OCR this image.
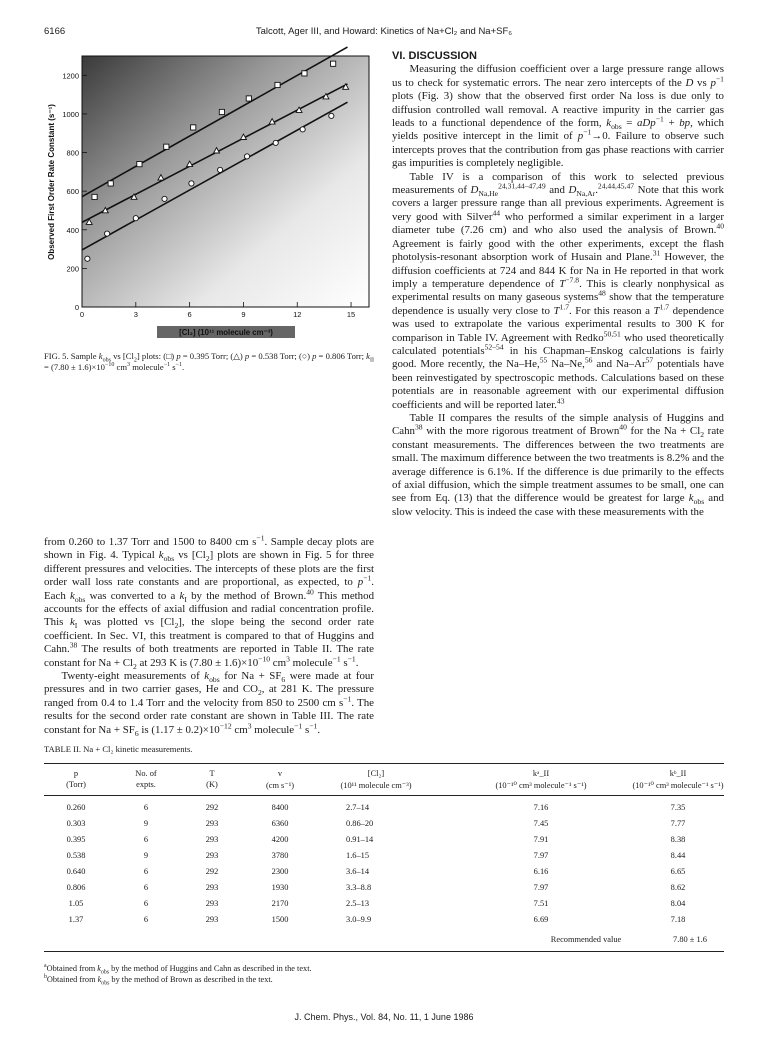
6166	Talcott, Ager III, and Howard: Kinetics of Na+Cl₂ and Na+SF₆
0
200
400
600
800
1000
1200
0	3	6	9	12	15
Observed First Order Rate Constant (s⁻¹)
[Cl₂] (10¹¹ molecule cm⁻³)
FIG. 5. Sample $k_{obs}$ vs $[Cl_2]$ plots: (□) p = 0.395 Torr; (△) p = 0.538 Torr; (○) p = 0.806 Torr; $k_{II} = (7.80 \pm 1.6)\times 10^{-10}$ $cm^3$ molecule$^{-1}$ $s^{-1}$.

from 0.260 to 1.37 Torr and 1500 to 8400 cm $s^{-1}$. Sample decay plots are shown in Fig. 4. Typical $k_{obs}$ vs $[Cl_2]$ plots are shown in Fig. 5 for three different pressures and velocities. The intercepts of these plots are the first order wall loss rate constants and are proportional, as expected, to $p^{-1}$. Each $k_{obs}$ was converted to a $k_I$ by the method of Brown.$^{40}$ This method accounts for the effects of axial diffusion and radial concentration profile. This $k_I$ was plotted vs $[Cl_2]$, the slope being the second order rate coefficient. In Sec. VI, this treatment is compared to that of Huggins and Cahn.$^{38}$ The results of both treatments are reported in Table II. The rate constant for $Na + Cl_2$ at 293 K is $(7.80 \pm 1.6)\times 10^{-10}$ $cm^3$ molecule$^{-1}$ $s^{-1}$.

Twenty-eight measurements of $k_{obs}$ for $Na + SF_6$ were made at four pressures and in two carrier gases, He and $CO_2$, at 281 K. The pressure ranged from 0.4 to 1.4 Torr and the velocity from 850 to 2500 cm $s^{-1}$. The results for the second order rate constant are shown in Table III. The rate constant for $Na + SF_6$ is $(1.17 \pm 0.2)\times 10^{-12}$ $cm^3$ molecule$^{-1}$ $s^{-1}$.

VI. DISCUSSION

Measuring the diffusion coefficient over a large pressure range allows us to check for systematic errors. The near zero intercepts of the D vs $p^{-1}$ plots (Fig. 3) show that the observed first order Na loss is due only to diffusion controlled wall removal. A reactive impurity in the carrier gas leads to a functional dependence of the form, $k_{obs} = aDp^{-1}$ + bp, which yields positive intercept in the limit of $p^{-1}\to 0$. Failure to observe such intercepts proves that the contribution from gas phase reactions with carrier gas impurities is completely negligible.

Table IV is a comparison of this work to selected previous measurements of $D_{Na,He}^{24,31,44-47,49}$ and $D_{Na,Ar}.^{24,44,45,47}$ Note that this work covers a larger pressure range than all previous experiments. Agreement is very good with Silver$^{44}$ who performed a similar experiment in a larger diameter tube (7.26 cm) and who also used the analysis of Brown.$^{40}$ Agreement is fairly good with the other experiments, except the flash photolysis-resonant absorption work of Husain and Plane.$^{31}$ However, the diffusion coefficients at 724 and 844 K for Na in He reported in that work imply a temperature dependence of $T^{-7.8}$. This is clearly nonphysical as experimental results on many gaseous systems$^{48}$ show that the temperature dependence is usually very close to $T^{1.7}$. For this reason a $T^{1.7}$ dependence was used to extrapolate the various experimental results to 300 K for comparison in Table IV. Agreement with Redko$^{50,51}$ who used theoretically calculated potentials$^{52-54}$ in his Chapman–Enskog calculations is fairly good. More recently, the Na–He,$^{55}$ Na–Ne,$^{56}$ and Na–Ar$^{57}$ potentials have been reinvestigated by spectroscopic methods. Calculations based on these potentials are in reasonable agreement with our experimental diffusion coefficients and will be reported later.$^{43}$

Table II compares the results of the simple analysis of Huggins and Cahn$^{38}$ with the more rigorous treatment of Brown$^{40}$ for the $Na + Cl_2$ rate constant measurements. The differences between the two treatments are small. The maximum difference between the two treatments is 8.2% and the average difference is 6.1%. If the difference is due primarily to the effects of axial diffusion, which the simple treatment assumes to be small, one can see from Eq. (13) that the difference would be greatest for large $k_{obs}$ and slow velocity. This is indeed the case with these measurements with the

TABLE II. Na + Cl₂ kinetic measurements.
p
(Torr)
No. of
expts.
T
(K)
v
(cm s⁻¹)
[Cl₂]
(10¹¹ molecule cm⁻³)
kᵃ_II
(10⁻¹⁰ cm³ molecule⁻¹ s⁻¹)
kᵇ_II
(10⁻¹⁰ cm³ molecule⁻¹ s⁻¹)
0.260	6	292	8400	2.7–14	7.16	7.35
0.303	9	293	6360	0.86–20	7.45	7.77
0.395	6	293	4200	0.91–14	7.91	8.38
0.538	9	293	3780	1.6–15	7.97	8.44
0.640	6	292	2300	3.6–14	6.16	6.65
0.806	6	293	1930	3.3–8.8	7.97	8.62
1.05	6	293	2170	2.5–13	7.51	8.04
1.37	6	293	1500	3.0–9.9	6.69	7.18
Recommended value	7.80 ± 1.6
$^a$Obtained from $k_{obs}$ by the method of Huggins and Cahn as described in the text.
$^b$Obtained from $k_{obs}$ by the method of Brown as described in the text.
J. Chem. Phys., Vol. 84, No. 11, 1 June 1986
